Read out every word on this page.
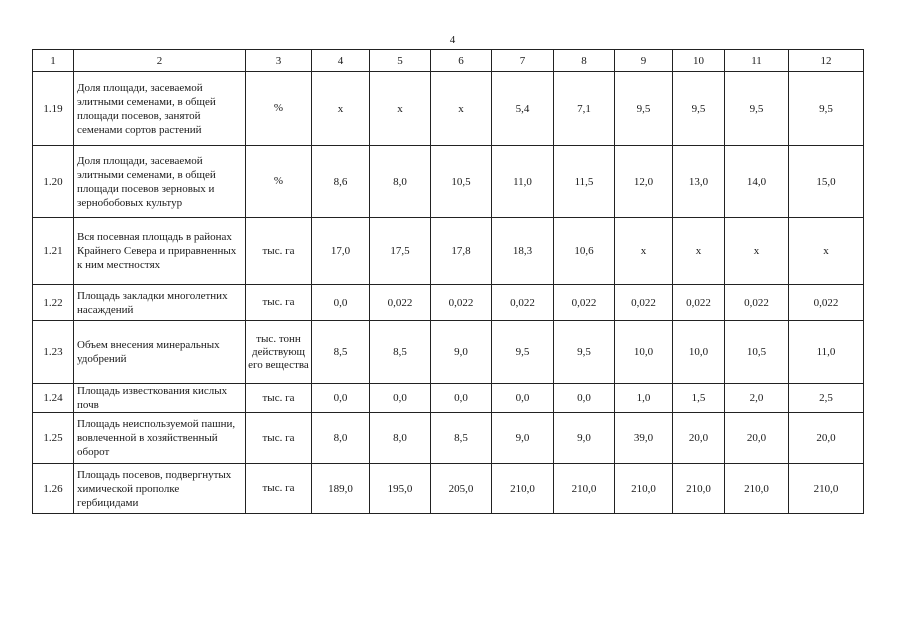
4
1	2	3	4	5	6	7	8	9	10	11	12
1.19	Доля площади, засеваемой элитными семенами, в общей площади посевов, занятой семенами сортов растений	%	x	x	x	5,4	7,1	9,5	9,5	9,5	9,5
1.20	Доля площади, засеваемой элитными семенами, в общей площади посевов зерновых и зернобобовых культур	%	8,6	8,0	10,5	11,0	11,5	12,0	13,0	14,0	15,0
1.21	Вся посевная площадь в районах Крайнего Севера и приравненных к ним местностях	тыс. га	17,0	17,5	17,8	18,3	10,6	x	x	x	x
1.22	Площадь закладки многолетних насаждений	тыс. га	0,0	0,022	0,022	0,022	0,022	0,022	0,022	0,022	0,022
1.23	Объем внесения минеральных удобрений	тыс. тонн действующ его вещества	8,5	8,5	9,0	9,5	9,5	10,0	10,0	10,5	11,0
1.24	Площадь известкования кислых почв	тыс. га	0,0	0,0	0,0	0,0	0,0	1,0	1,5	2,0	2,5
1.25	Площадь неиспользуемой пашни, вовлеченной в хозяйственный оборот	тыс. га	8,0	8,0	8,5	9,0	9,0	39,0	20,0	20,0	20,0
1.26	Площадь посевов, подвергнутых химической прополке гербицидами	тыс. га	189,0	195,0	205,0	210,0	210,0	210,0	210,0	210,0	210,0
